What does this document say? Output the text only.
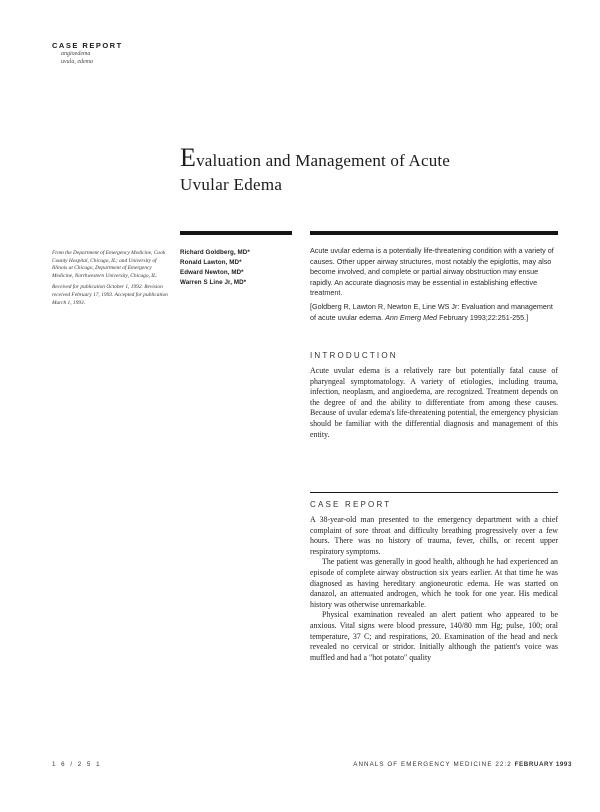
CASE REPORT
angioedema
uvula, edema
Evaluation and Management of Acute
Uvular Edema

From the Department of Emergency Medicine, Cook County Hospital, Chicago, IL; and University of Illinois at Chicago, Department of Emergency Medicine, Northwestern University, Chicago, IL.

Received for publication October 1, 1992. Revision received February 17, 1993. Accepted for publication March 1, 1993.

Richard Goldberg, MD*
Ronald Lawton, MD*
Edward Newton, MD*
Warren S Line Jr, MD*

Acute uvular edema is a potentially life-threatening condition with a variety of causes. Other upper airway structures, most notably the epiglottis, may also become involved, and complete or partial airway obstruction may ensue rapidly. An accurate diagnosis may be essential in establishing effective treatment.

[Goldberg R, Lawton R, Newton E, Line WS Jr: Evaluation and management of acute uvular edema. Ann Emerg Med February 1993;22:251-255.]
INTRODUCTION

Acute uvular edema is a relatively rare but potentially fatal cause of pharyngeal symptomatology. A variety of etiologies, including trauma, infection, neoplasm, and angioedema, are recognized. Treatment depends on the degree of and the ability to differentiate from among these causes. Because of uvular edema's life-threatening potential, the emergency physician should be familiar with the differential diagnosis and management of this entity.

CASE REPORT

A 38-year-old man presented to the emergency department with a chief complaint of sore throat and difficulty breathing progressively over a few hours. There was no history of trauma, fever, chills, or recent upper respiratory symptoms.

The patient was generally in good health, although he had experienced an episode of complete airway obstruction six years earlier. At that time he was diagnosed as having hereditary angioneurotic edema. He was started on danazol, an attenuated androgen, which he took for one year. His medical history was otherwise unremarkable.

Physical examination revealed an alert patient who appeared to be anxious. Vital signs were blood pressure, 140/80 mm Hg; pulse, 100; oral temperature, 37 C; and respirations, 20. Examination of the head and neck revealed no cervical or stridor. Initially although the patient's voice was muffled and had a "hot potato" quality

1 6 / 2 5 1	ANNALS OF EMERGENCY MEDICINE 22:2 FEBRUARY 1993
